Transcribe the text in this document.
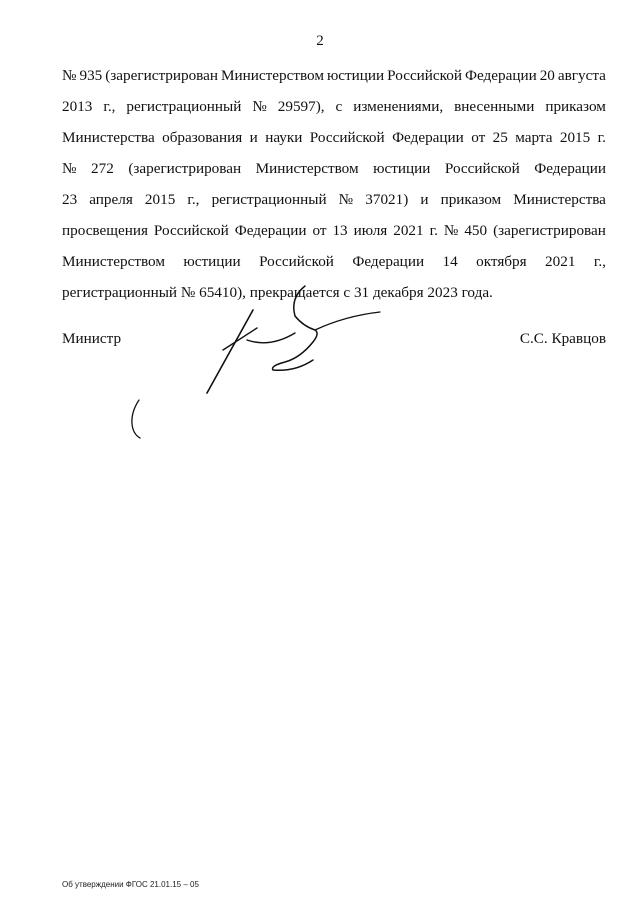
2
№ 935 (зарегистрирован Министерством юстиции Российской Федерации 20 августа
2013 г., регистрационный № 29597), с изменениями, внесенными приказом
Министерства образования и науки Российской Федерации от 25 марта 2015 г.
№ 272 (зарегистрирован Министерством юстиции Российской Федерации
23 апреля 2015 г., регистрационный № 37021) и приказом Министерства
просвещения Российской Федерации от 13 июля 2021 г. № 450 (зарегистрирован
Министерством юстиции Российской Федерации 14 октября 2021 г.,
регистрационный № 65410), прекращается с 31 декабря 2023 года.
Министр	С.С. Кравцов
Об утверждении ФГОС 21.01.15 – 05
